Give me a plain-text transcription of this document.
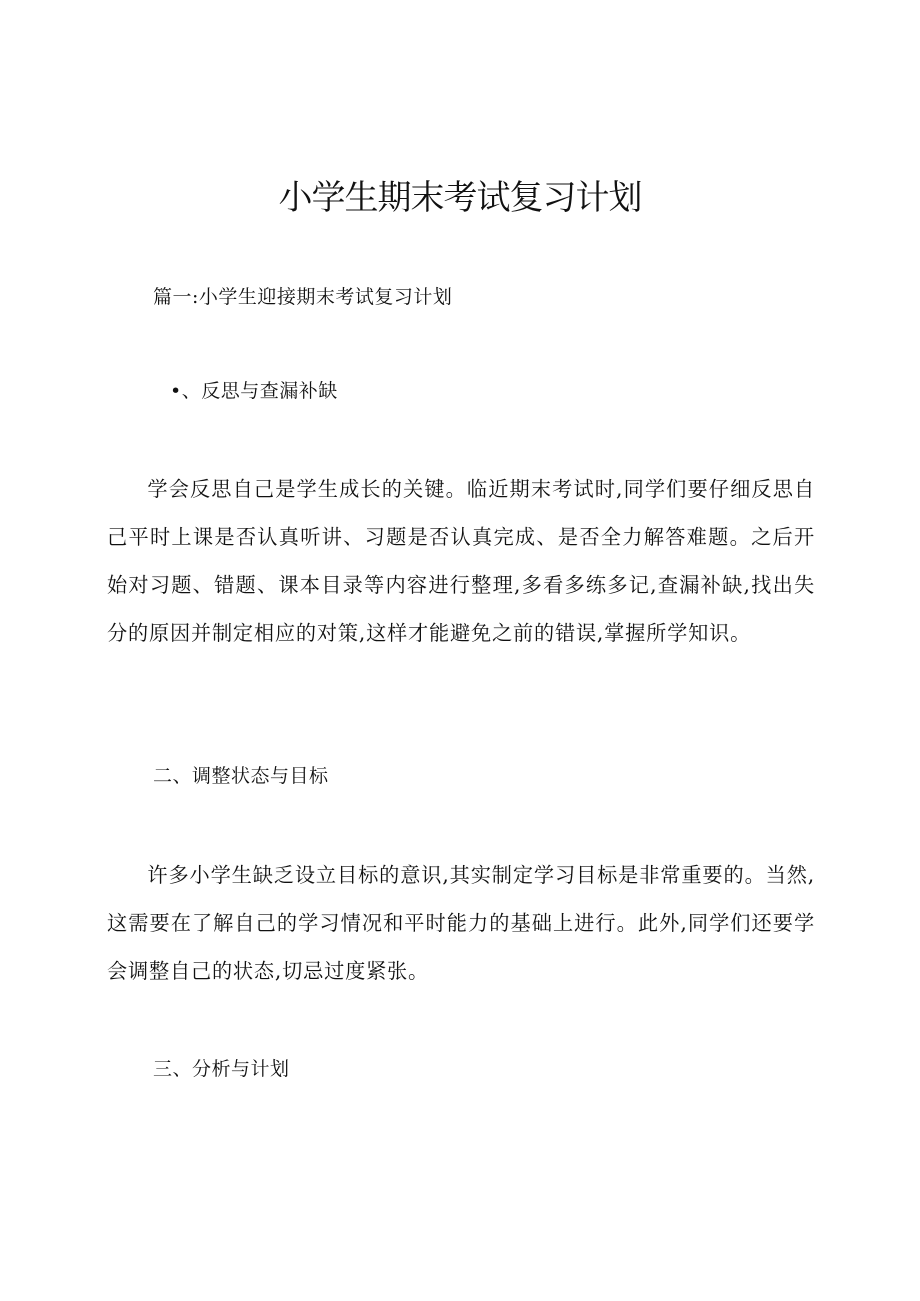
小学生期末考试复习计划

篇一:小学生迎接期末考试复习计划

•、反思与查漏补缺

学会反思自己是学生成长的关键。临近期末考试时,同学们要仔细反思自己平时上课是否认真听讲、习题是否认真完成、是否全力解答难题。之后开始对习题、错题、课本目录等内容进行整理,多看多练多记,查漏补缺,找出失分的原因并制定相应的对策,这样才能避免之前的错误,掌握所学知识。

二、调整状态与目标

许多小学生缺乏设立目标的意识,其实制定学习目标是非常重要的。当然,这需要在了解自己的学习情况和平时能力的基础上进行。此外,同学们还要学会调整自己的状态,切忌过度紧张。

三、分析与计划
